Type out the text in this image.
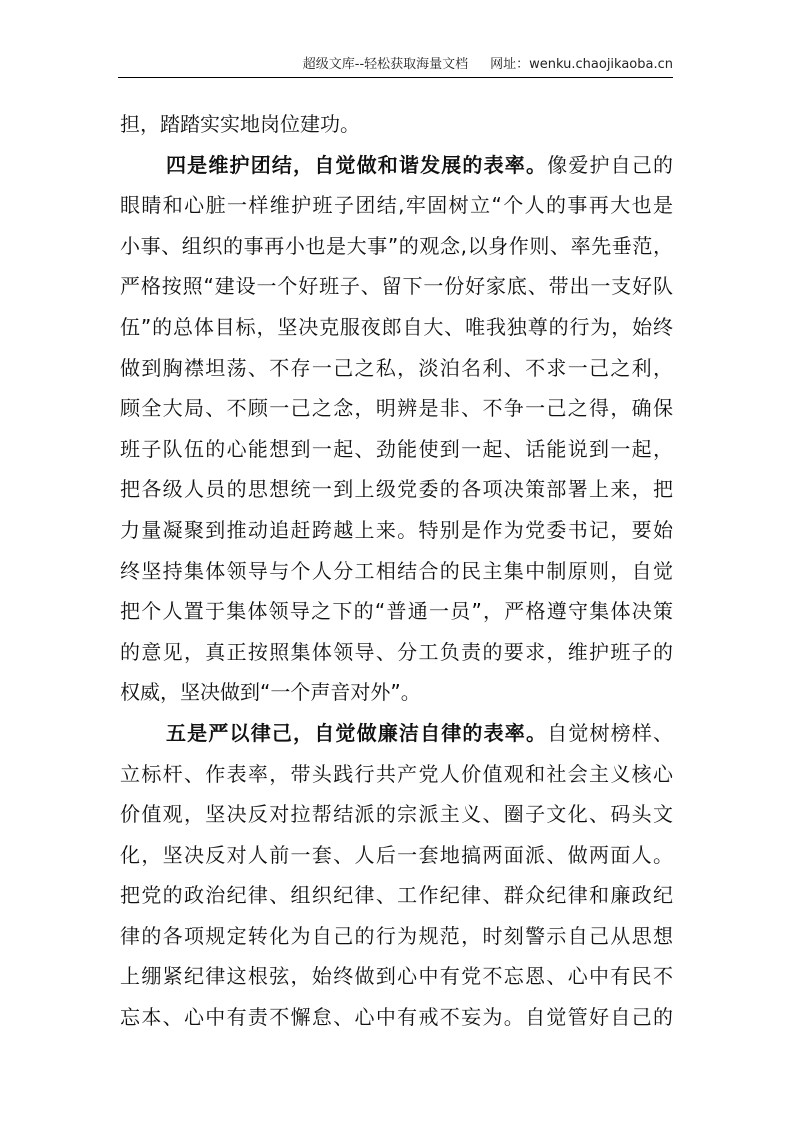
超级文库--轻松获取海量文档 网址：wenku.chaojikaoba.cn
担，踏踏实实地岗位建功。
四是维护团结，自觉做和谐发展的表率。像爱护自己的
眼睛和心脏一样维护班子团结,牢固树立“个人的事再大也是
小事、组织的事再小也是大事”的观念,以身作则、率先垂范，
严格按照“建设一个好班子、留下一份好家底、带出一支好队
伍”的总体目标，坚决克服夜郎自大、唯我独尊的行为，始终
做到胸襟坦荡、不存一己之私，淡泊名利、不求一己之利，
顾全大局、不顾一己之念，明辨是非、不争一己之得，确保
班子队伍的心能想到一起、劲能使到一起、话能说到一起，
把各级人员的思想统一到上级党委的各项决策部署上来，把
力量凝聚到推动追赶跨越上来。特别是作为党委书记，要始
终坚持集体领导与个人分工相结合的民主集中制原则，自觉
把个人置于集体领导之下的“普通一员”，严格遵守集体决策
的意见，真正按照集体领导、分工负责的要求，维护班子的
权威，坚决做到“一个声音对外”。
五是严以律己，自觉做廉洁自律的表率。自觉树榜样、
立标杆、作表率，带头践行共产党人价值观和社会主义核心
价值观，坚决反对拉帮结派的宗派主义、圈子文化、码头文
化，坚决反对人前一套、人后一套地搞两面派、做两面人。
把党的政治纪律、组织纪律、工作纪律、群众纪律和廉政纪
律的各项规定转化为自己的行为规范，时刻警示自己从思想
上绷紧纪律这根弦，始终做到心中有党不忘恩、心中有民不
忘本、心中有责不懈怠、心中有戒不妄为。自觉管好自己的
